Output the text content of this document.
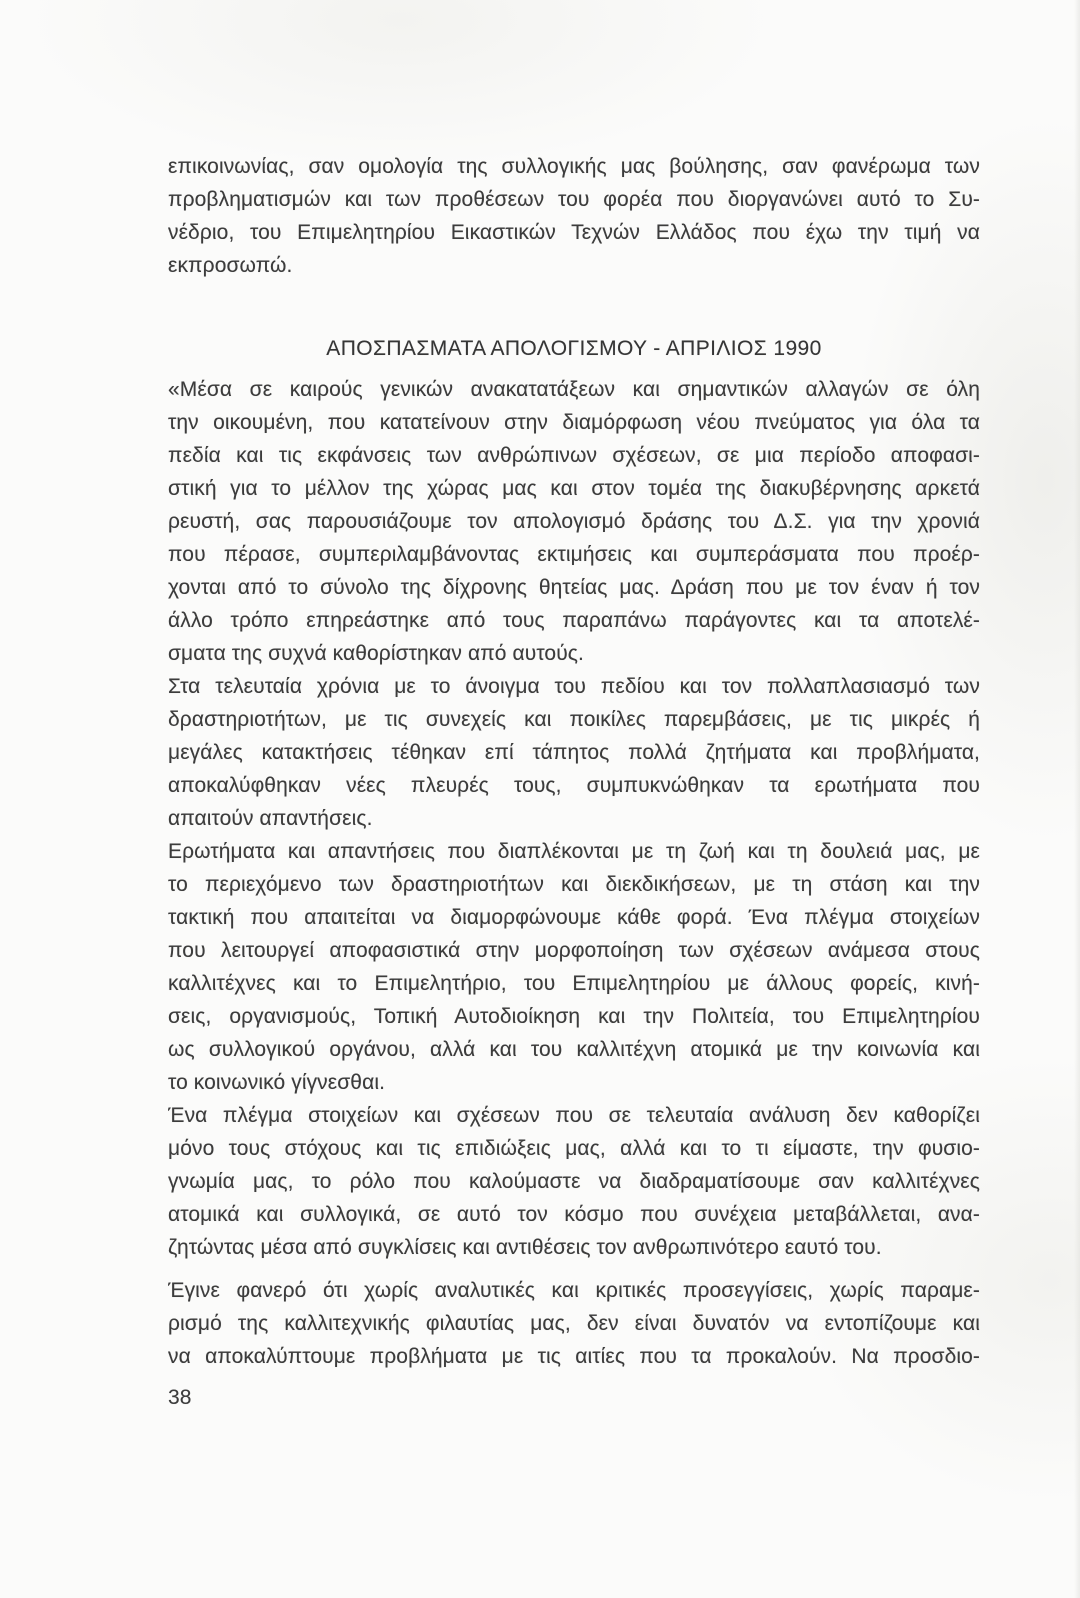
επικοινωνίας, σαν ομολογία της συλλογικής μας βούλησης, σαν φανέρωμα των
προβληματισμών και των προθέσεων του φορέα που διοργανώνει αυτό το Συ-
νέδριο, του Επιμελητηρίου Εικαστικών Τεχνών Ελλάδος που έχω την τιμή να
εκπροσωπώ.
ΑΠΟΣΠΑΣΜΑΤΑ ΑΠΟΛΟΓΙΣΜΟΥ - ΑΠΡΙΛΙΟΣ 1990
«Μέσα σε καιρούς γενικών ανακατατάξεων και σημαντικών αλλαγών σε όλη
την οικουμένη, που κατατείνουν στην διαμόρφωση νέου πνεύματος για όλα τα
πεδία και τις εκφάνσεις των ανθρώπινων σχέσεων, σε μια περίοδο αποφασι-
στική για το μέλλον της χώρας μας και στον τομέα της διακυβέρνησης αρκετά
ρευστή, σας παρουσιάζουμε τον απολογισμό δράσης του Δ.Σ. για την χρονιά
που πέρασε, συμπεριλαμβάνοντας εκτιμήσεις και συμπεράσματα που προέρ-
χονται από το σύνολο της δίχρονης θητείας μας. Δράση που με τον έναν ή τον
άλλο τρόπο επηρεάστηκε από τους παραπάνω παράγοντες και τα αποτελέ-
σματα της συχνά καθορίστηκαν από αυτούς.
Στα τελευταία χρόνια με το άνοιγμα του πεδίου και τον πολλαπλασιασμό των
δραστηριοτήτων, με τις συνεχείς και ποικίλες παρεμβάσεις, με τις μικρές ή
μεγάλες κατακτήσεις τέθηκαν επί τάπητος πολλά ζητήματα και προβλήματα,
αποκαλύφθηκαν νέες πλευρές τους, συμπυκνώθηκαν τα ερωτήματα που
απαιτούν απαντήσεις.
Ερωτήματα και απαντήσεις που διαπλέκονται με τη ζωή και τη δουλειά μας, με
το περιεχόμενο των δραστηριοτήτων και διεκδικήσεων, με τη στάση και την
τακτική που απαιτείται να διαμορφώνουμε κάθε φορά. Ένα πλέγμα στοιχείων
που λειτουργεί αποφασιστικά στην μορφοποίηση των σχέσεων ανάμεσα στους
καλλιτέχνες και το Επιμελητήριο, του Επιμελητηρίου με άλλους φορείς, κινή-
σεις, οργανισμούς, Τοπική Αυτοδιοίκηση και την Πολιτεία, του Επιμελητηρίου
ως συλλογικού οργάνου, αλλά και του καλλιτέχνη ατομικά με την κοινωνία και
το κοινωνικό γίγνεσθαι.
Ένα πλέγμα στοιχείων και σχέσεων που σε τελευταία ανάλυση δεν καθορίζει
μόνο τους στόχους και τις επιδιώξεις μας, αλλά και το τι είμαστε, την φυσιο-
γνωμία μας, το ρόλο που καλούμαστε να διαδραματίσουμε σαν καλλιτέχνες
ατομικά και συλλογικά, σε αυτό τον κόσμο που συνέχεια μεταβάλλεται, ανα-
ζητώντας μέσα από συγκλίσεις και αντιθέσεις τον ανθρωπινότερο εαυτό του.
Έγινε φανερό ότι χωρίς αναλυτικές και κριτικές προσεγγίσεις, χωρίς παραμε-
ρισμό της καλλιτεχνικής φιλαυτίας μας, δεν είναι δυνατόν να εντοπίζουμε και
να αποκαλύπτουμε προβλήματα με τις αιτίες που τα προκαλούν. Να προσδιο-
38
